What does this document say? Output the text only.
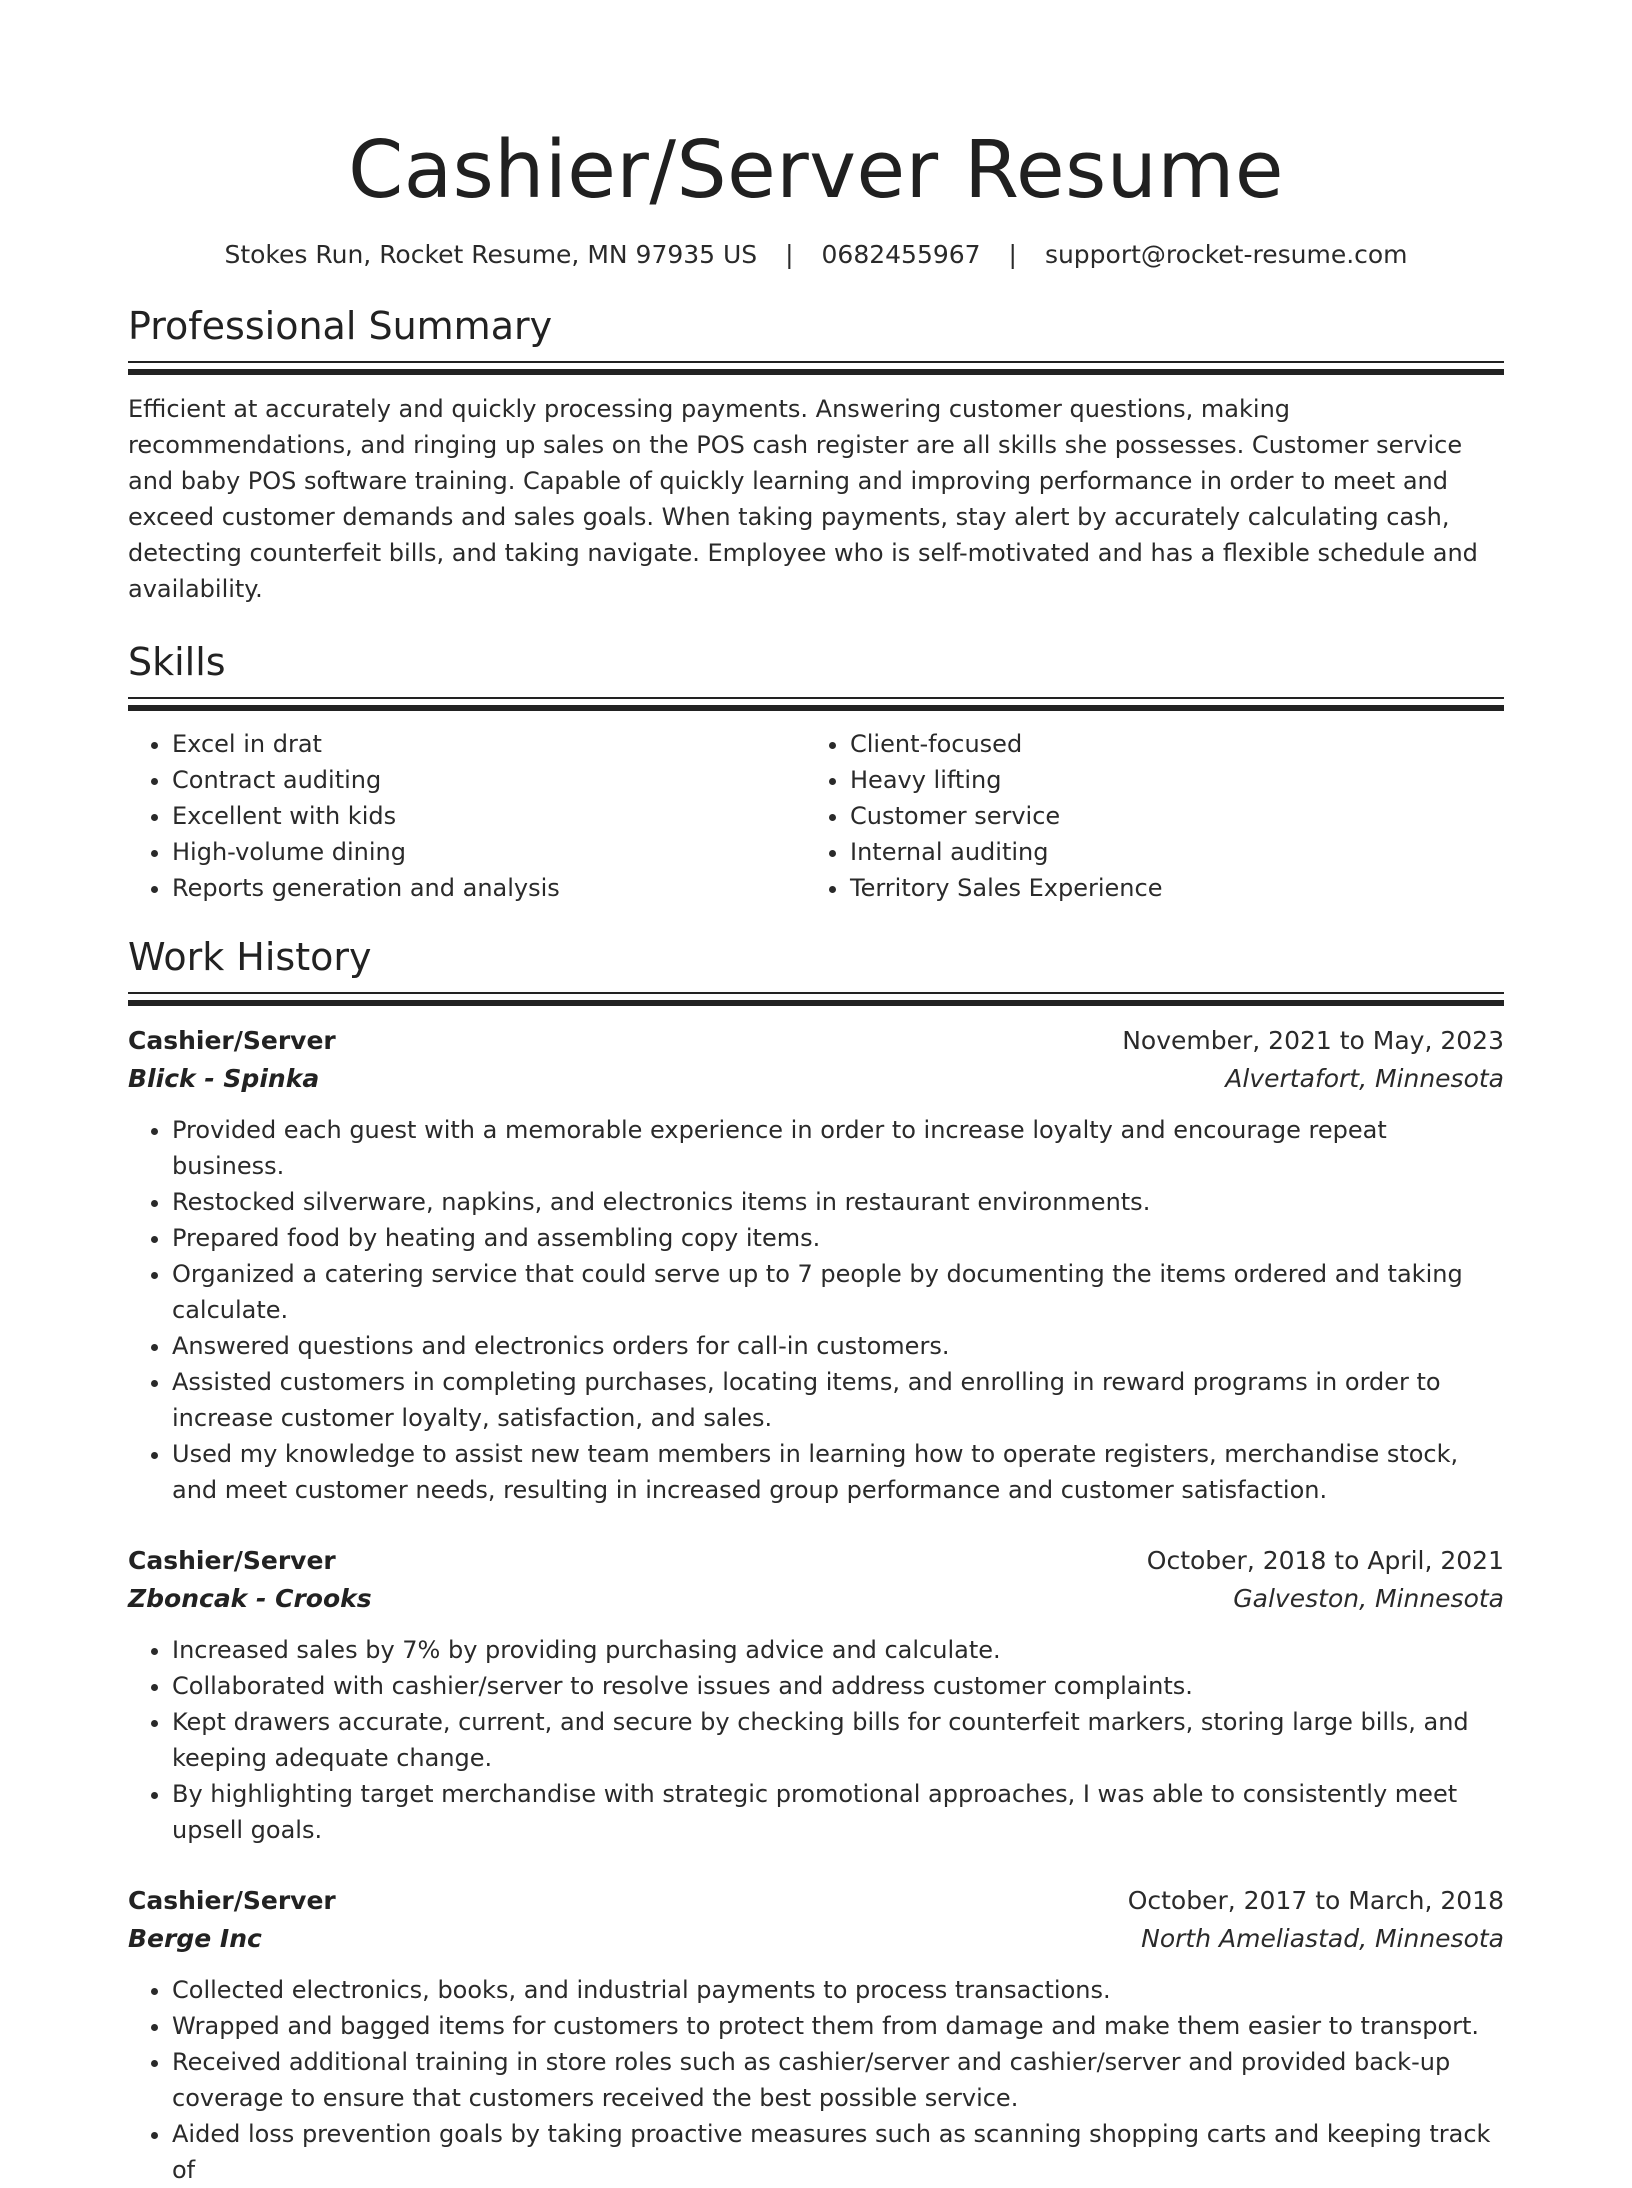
Cashier/Server Resume
Stokes Run, Rocket Resume, MN 97935 US | 0682455967 | support@rocket-resume.com
Professional Summary
Efficient at accurately and quickly processing payments. Answering customer questions, making recommendations, and ringing up sales on the POS cash register are all skills she possesses. Customer service and baby POS software training. Capable of quickly learning and improving performance in order to meet and exceed customer demands and sales goals. When taking payments, stay alert by accurately calculating cash, detecting counterfeit bills, and taking navigate. Employee who is self-motivated and has a flexible schedule and availability.
Skills
• Excel in drat
• Contract auditing
• Excellent with kids
• High-volume dining
• Reports generation and analysis
• Client-focused
• Heavy lifting
• Customer service
• Internal auditing
• Territory Sales Experience
Work History
Cashier/Server	November, 2021 to May, 2023
Blick - Spinka	Alvertafort, Minnesota
• Provided each guest with a memorable experience in order to increase loyalty and encourage repeat business.
• Restocked silverware, napkins, and electronics items in restaurant environments.
• Prepared food by heating and assembling copy items.
• Organized a catering service that could serve up to 7 people by documenting the items ordered and taking calculate.
• Answered questions and electronics orders for call-in customers.
• Assisted customers in completing purchases, locating items, and enrolling in reward programs in order to increase customer loyalty, satisfaction, and sales.
• Used my knowledge to assist new team members in learning how to operate registers, merchandise stock, and meet customer needs, resulting in increased group performance and customer satisfaction.
Cashier/Server	October, 2018 to April, 2021
Zboncak - Crooks	Galveston, Minnesota
• Increased sales by 7% by providing purchasing advice and calculate.
• Collaborated with cashier/server to resolve issues and address customer complaints.
• Kept drawers accurate, current, and secure by checking bills for counterfeit markers, storing large bills, and keeping adequate change.
• By highlighting target merchandise with strategic promotional approaches, I was able to consistently meet upsell goals.
Cashier/Server	October, 2017 to March, 2018
Berge Inc	North Ameliastad, Minnesota
• Collected electronics, books, and industrial payments to process transactions.
• Wrapped and bagged items for customers to protect them from damage and make them easier to transport.
• Received additional training in store roles such as cashier/server and cashier/server and provided back-up coverage to ensure that customers received the best possible service.
• Aided loss prevention goals by taking proactive measures such as scanning shopping carts and keeping track of
